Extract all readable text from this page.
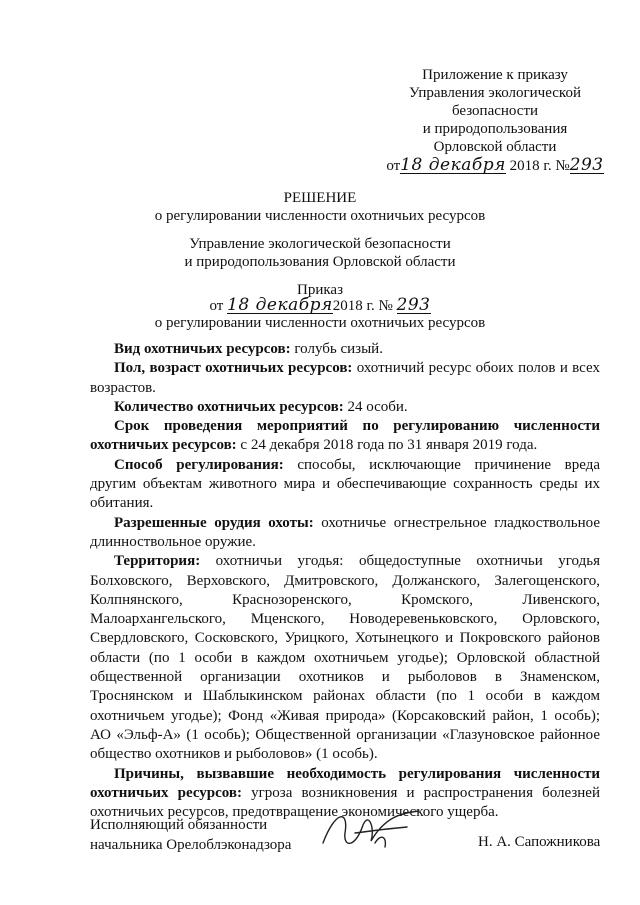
Приложение к приказу
Управления экологической
безопасности
и природопользования
Орловской области
от18 декабря 2018 г. №293
РЕШЕНИЕ
о регулировании численности охотничьих ресурсов
Управление экологической безопасности
и природопользования Орловской области
Приказ
от 18 декабря2018 г. № 293
о регулировании численности охотничьих ресурсов

Вид охотничьих ресурсов: голубь сизый.

Пол, возраст охотничьих ресурсов: охотничий ресурс обоих полов и всех возрастов.

Количество охотничьих ресурсов: 24 особи.

Срок проведения мероприятий по регулированию численности охотничьих ресурсов: с 24 декабря 2018 года по 31 января 2019 года.

Способ регулирования: способы, исключающие причинение вреда другим объектам животного мира и обеспечивающие сохранность среды их обитания.

Разрешенные орудия охоты: охотничье огнестрельное гладкоствольное длинноствольное оружие.

Территория: охотничьи угодья: общедоступные охотничьи угодья Болховского, Верховского, Дмитровского, Должанского, Залегощенского, Колпнянского, Краснозоренского, Кромского, Ливенского, Малоархангельского, Мценского, Новодеревеньковского, Орловского, Свердловского, Сосковского, Урицкого, Хотынецкого и Покровского районов области (по 1 особи в каждом охотничьем угодье); Орловской областной общественной организации охотников и рыболовов в Знаменском, Троснянском и Шаблыкинском районах области (по 1 особи в каждом охотничьем угодье); Фонд «Живая природа» (Корсаковский район, 1 особь); АО «Эльф-А» (1 особь); Общественной организации «Глазуновское районное общество охотников и рыболовов» (1 особь).

Причины, вызвавшие необходимость регулирования численности охотничьих ресурсов: угроза возникновения и распространения болезней охотничьих ресурсов, предотвращение экономического ущерба.

Исполняющий обязанности
начальника Орелоблэконадзора	Н. А. Сапожникова
